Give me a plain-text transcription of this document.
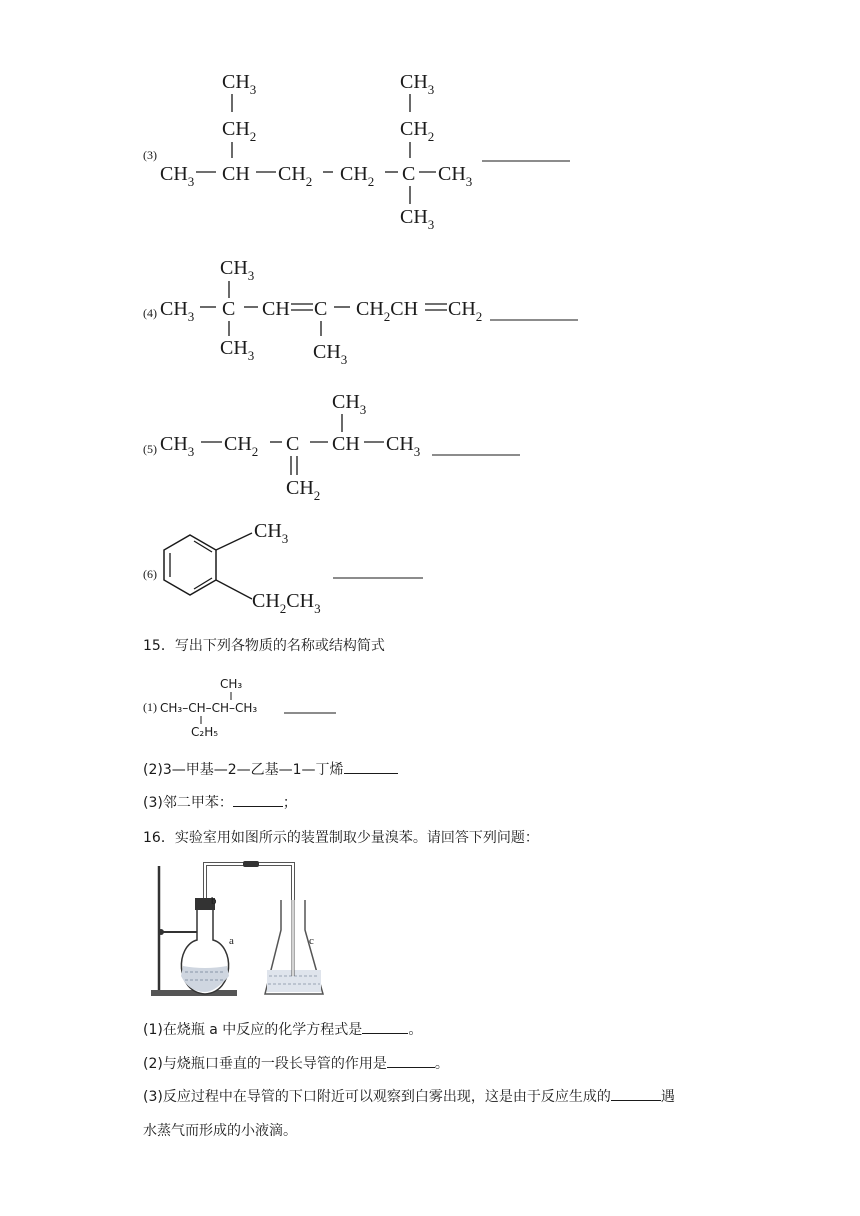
(3)
$CH_3$
$CH_2$
$CH_3$ CH $CH_2$ $CH_2$ C $CH_3$
$CH_3$
$CH_2$
$CH_3$
(4)
$CH_3$
$CH_3$ C CH C $CH_2CH$ $CH_2$
$CH_3$	$CH_3$
(5)
$CH_3$
$CH_3$ $CH_2$ C CH $CH_3$
$CH_2$
(6)
$CH_3$
$CH_2CH_3$
15．写出下列各物质的名称或结构简式
(1)
CH₃
CH₃–CH–CH–CH₃
C₂H₅
(2)3—甲基—2—乙基—1—丁烯
(3)邻二甲苯：	；
16．实验室用如图所示的装置制取少量溴苯。请回答下列问题：
b
a	c
(1)在烧瓶 a 中反应的化学方程式是	。
(2)与烧瓶口垂直的一段长导管的作用是	。
(3)反应过程中在导管的下口附近可以观察到白雾出现，这是由于反应生成的	遇
水蒸气而形成的小液滴。
